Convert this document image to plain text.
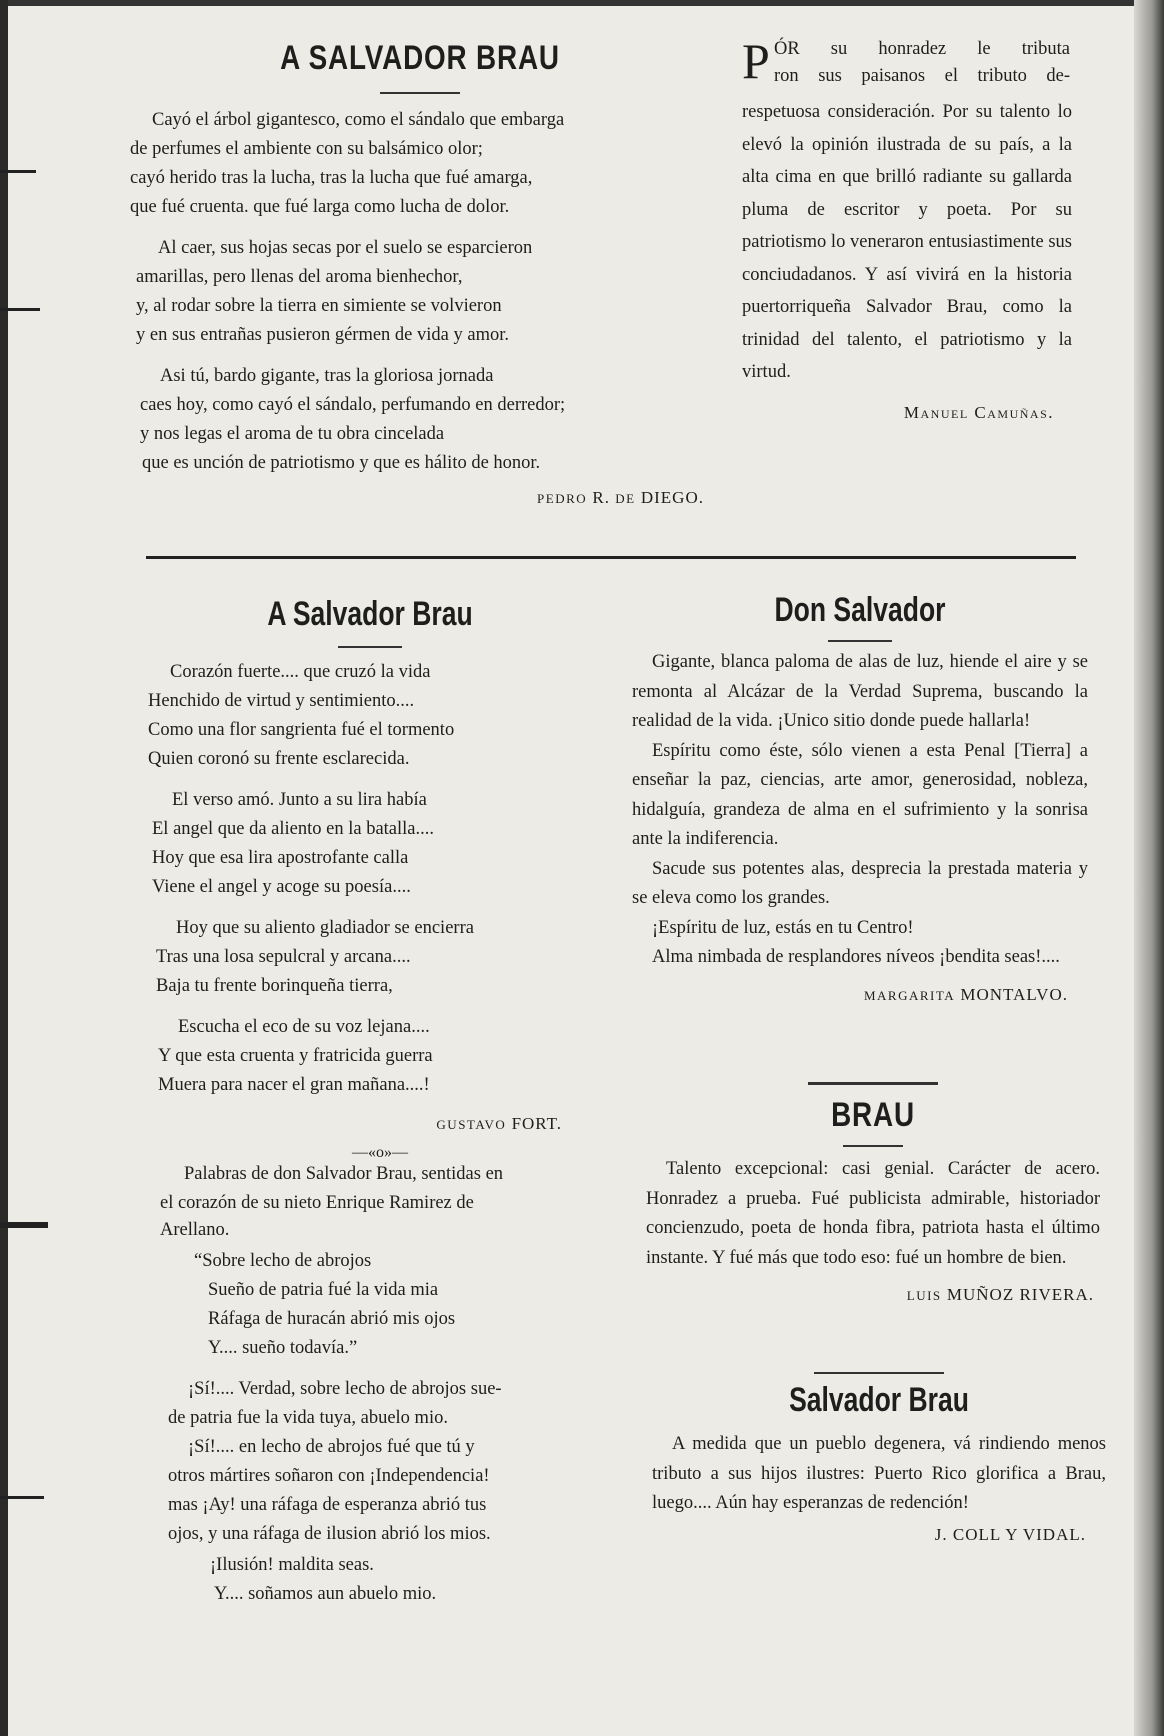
A SALVADOR BRAU
Cayó el árbol gigantesco, como el sándalo que embarga
de perfumes el ambiente con su balsámico olor;
cayó herido tras la lucha, tras la lucha que fué amarga,
que fué cruenta. que fué larga como lucha de dolor.
Al caer, sus hojas secas por el suelo se esparcieron
amarillas, pero llenas del aroma bienhechor,
y, al rodar sobre la tierra en simiente se volvieron
y en sus entrañas pusieron gérmen de vida y amor.
Asi tú, bardo gigante, tras la gloriosa jornada
caes hoy, como cayó el sándalo, perfumando en derredor;
y nos legas el aroma de tu obra cincelada
que es unción de patriotismo y que es hálito de honor.
PEDRO R. DE DIEGO.
P ÓR su honradez le tributa
ron sus paisanos el tributo de-
respetuosa consideración. Por su talento lo elevó la opinión ilustrada de su país, a la alta cima en que brilló radiante su gallarda pluma de escritor y poeta. Por su patriotismo lo veneraron entusiastimente sus conciudadanos. Y así vivirá en la historia puertorriqueña Salvador Brau, como la trinidad del talento, el patriotismo y la virtud.
Manuel Camuñas.
A Salvador Brau
Corazón fuerte.... que cruzó la vida
Henchido de virtud y sentimiento....
Como una flor sangrienta fué el tormento
Quien coronó su frente esclarecida.
El verso amó. Junto a su lira había
El angel que da aliento en la batalla....
Hoy que esa lira apostrofante calla
Viene el angel y acoge su poesía....
Hoy que su aliento gladiador se encierra
Tras una losa sepulcral y arcana....
Baja tu frente borinqueña tierra,
Escucha el eco de su voz lejana....
Y que esta cruenta y fratricida guerra
Muera para nacer el gran mañana....!
GUSTAVO FORT.
—«o»—
Palabras de don Salvador Brau, sentidas en
el corazón de su nieto Enrique Ramirez de
Arellano.
“Sobre lecho de abrojos
Sueño de patria fué la vida mia
Ráfaga de huracán abrió mis ojos
Y.... sueño todavía.”
¡Sí!.... Verdad, sobre lecho de abrojos sue-
de patria fue la vida tuya, abuelo mio.
¡Sí!.... en lecho de abrojos fué que tú y
otros mártires soñaron con ¡Independencia!
mas ¡Ay! una ráfaga de esperanza abrió tus
ojos, y una ráfaga de ilusion abrió los mios.
¡Ilusión! maldita seas.
Y.... soñamos aun abuelo mio.
Don Salvador
Gigante, blanca paloma de alas de luz, hiende el aire y se remonta al Alcázar de la Verdad Suprema, buscando la realidad de la vida. ¡Unico sitio donde puede hallarla!
Espíritu como éste, sólo vienen a esta Penal [Tierra] a enseñar la paz, ciencias, arte amor, generosidad, nobleza, hidalguía, grandeza de alma en el sufrimiento y la sonrisa ante la indiferencia.
Sacude sus potentes alas, desprecia la prestada materia y se eleva como los grandes.
¡Espíritu de luz, estás en tu Centro!
Alma nimbada de resplandores níveos ¡bendita seas!....
MARGARITA MONTALVO.
BRAU
Talento excepcional: casi genial. Carácter de acero. Honradez a prueba. Fué publicista admirable, historiador concienzudo, poeta de honda fibra, patriota hasta el último instante. Y fué más que todo eso: fué un hombre de bien.
LUIS MUÑOZ RIVERA.
Salvador Brau
A medida que un pueblo degenera, vá rindiendo menos tributo a sus hijos ilustres: Puerto Rico glorifica a Brau, luego.... Aún hay esperanzas de redención!
J. COLL Y VIDAL.
